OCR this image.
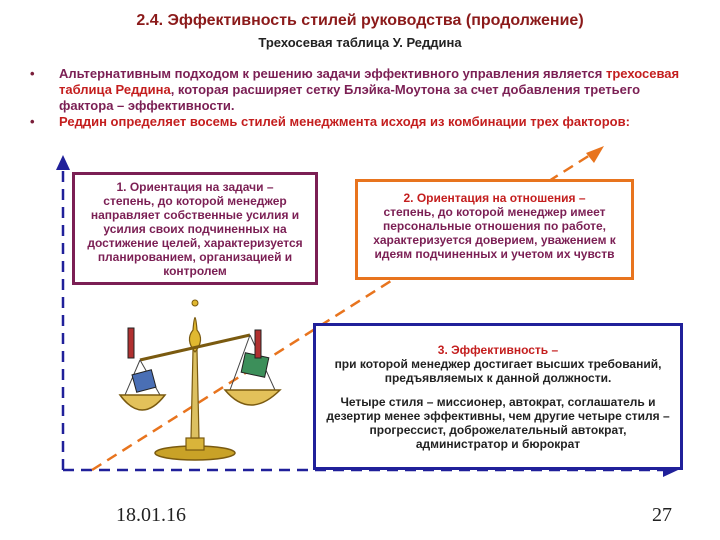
2.4. Эффективность стилей руководства (продолжение)
Трехосевая таблица У. Реддина
• Альтернативным подходом к решению задачи эффективного управления является трехосевая таблица Реддина, которая расширяет сетку Блэйка-Моутона за счет добавления третьего фактора – эффективности.
• Реддин определяет восемь стилей менеджмента исходя из комбинации трех факторов:
1. Ориентация на задачи –
степень, до которой менеджер направляет собственные усилия и усилия своих подчиненных на достижение целей, характеризуется планированием, организацией и контролем
2. Ориентация на отношения –
степень, до которой менеджер имеет персональные отношения по работе, характеризуется доверием, уважением к идеям подчиненных и учетом их чувств
3. Эффективность –
при которой менеджер достигает высших требований, предъявляемых к данной должности.
Четыре стиля – миссионер, автократ, соглашатель и дезертир менее эффективны, чем другие четыре стиля – прогрессист, доброжелательный автократ, администратор и бюрократ
18.01.16	27
